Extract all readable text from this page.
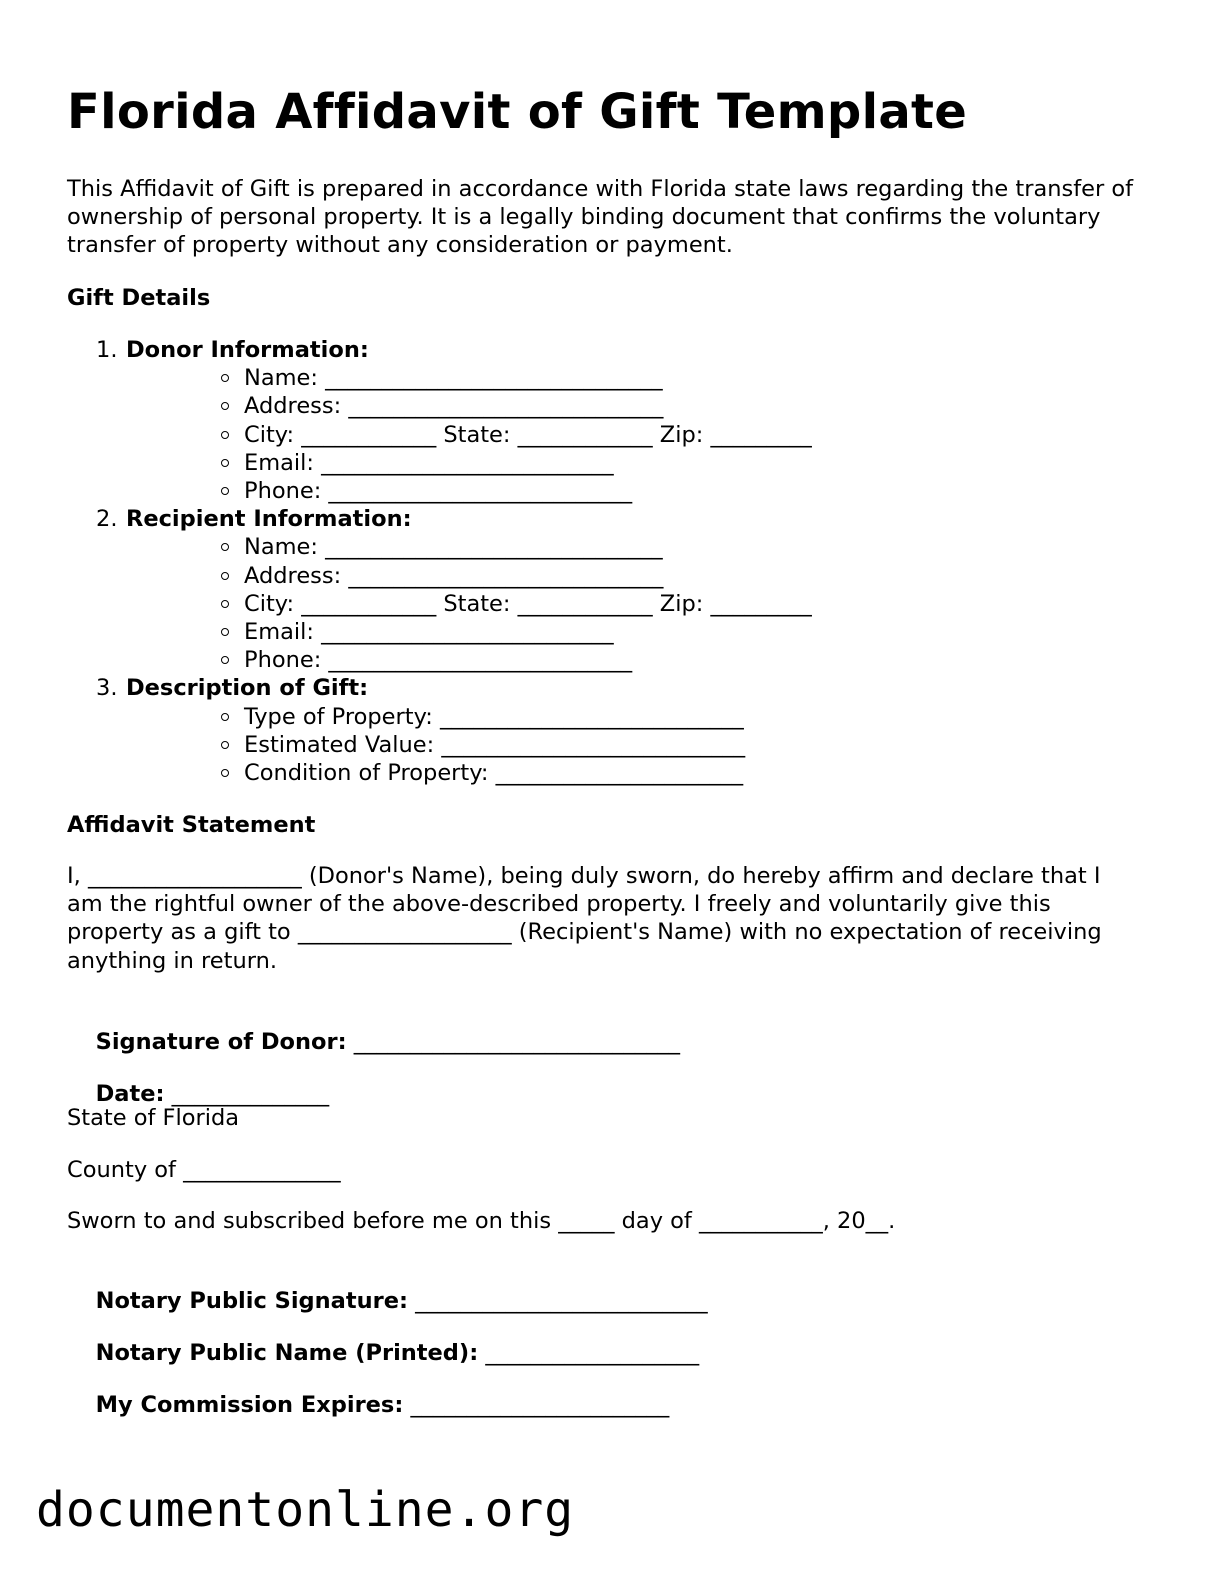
Florida Affidavit of Gift Template

This Affidavit of Gift is prepared in accordance with Florida state laws regarding the transfer of ownership of personal property. It is a legally binding document that confirms the voluntary transfer of property without any consideration or payment.

Gift Details
1. Donor Information:
Name: ______________________________
Address: ____________________________
City: ____________ State: ____________ Zip: _________
Email: __________________________
Phone: ___________________________
2. Recipient Information:
Name: ______________________________
Address: ____________________________
City: ____________ State: ____________ Zip: _________
Email: __________________________
Phone: ___________________________
3. Description of Gift:
Type of Property: ___________________________
Estimated Value: ___________________________
Condition of Property: ______________________
Affidavit Statement

I, ___________________ (Donor's Name), being duly sworn, do hereby affirm and declare that I am the rightful owner of the above-described property. I freely and voluntarily give this property as a gift to ___________________ (Recipient's Name) with no expectation of receiving anything in return.

Signature of Donor: _____________________________

Date: ______________

State of Florida
County of ______________
Sworn to and subscribed before me on this _____ day of ___________, 20__.

Notary Public Signature: __________________________

Notary Public Name (Printed): ___________________

My Commission Expires: _______________________

documentonline.org
